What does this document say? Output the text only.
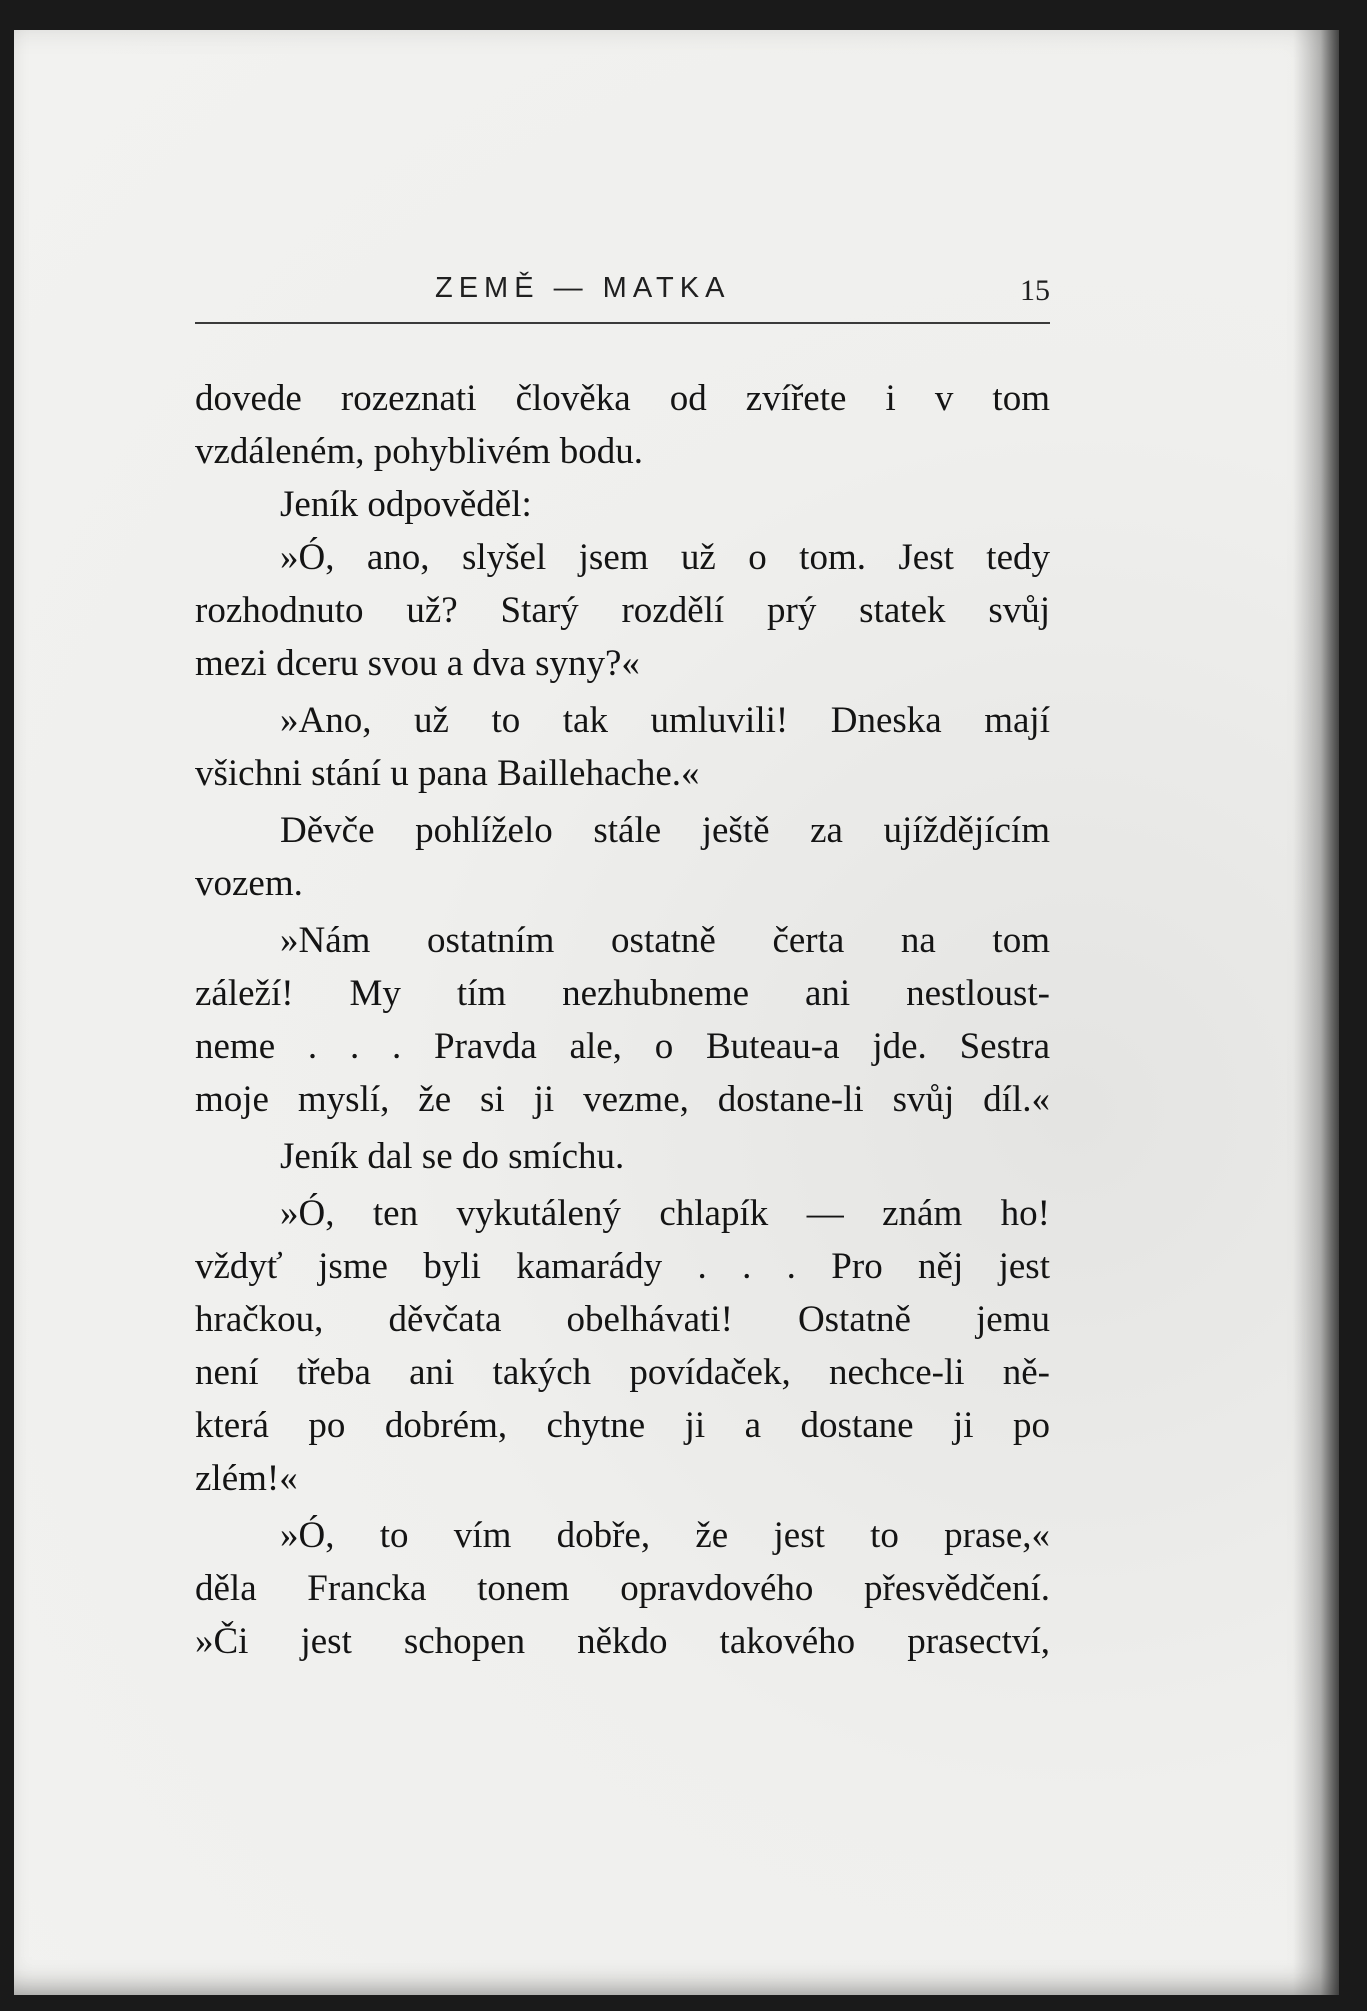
ZEMĚ — MATKA	15
dovede rozeznati člověka od zvířete i v tom
vzdáleném, pohyblivém bodu.
Jeník odpověděl:
»Ó, ano, slyšel jsem už o tom. Jest tedy
rozhodnuto už? Starý rozdělí prý statek svůj
mezi dceru svou a dva syny?«
»Ano, už to tak umluvili! Dneska mají
všichni stání u pana Baillehache.«
Děvče pohlíželo stále ještě za ujíždějícím
vozem.
»Nám ostatním ostatně čerta na tom
záleží! My tím nezhubneme ani nestloust-
neme . . . Pravda ale, o Buteau-a jde. Sestra
moje myslí, že si ji vezme, dostane-li svůj díl.«
Jeník dal se do smíchu.
»Ó, ten vykutálený chlapík — znám ho!
vždyť jsme byli kamarády . . . Pro něj jest
hračkou, děvčata obelhávati! Ostatně jemu
není třeba ani takých povídaček, nechce-li ně-
která po dobrém, chytne ji a dostane ji po
zlém!«
»Ó, to vím dobře, že jest to prase,«
děla Francka tonem opravdového přesvědčení.
»Či jest schopen někdo takového prasectví,
